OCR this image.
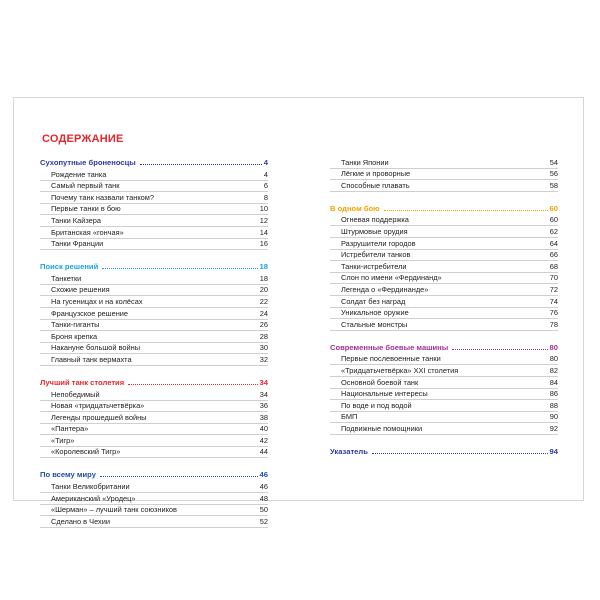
СОДЕРЖАНИЕ
Сухопутные броненосцы	4
Рождение танка	4
Самый первый танк	6
Почему танк назвали танком?	8
Первые танки в бою	10
Танки Кайзера	12
Британская «гончая»	14
Танки Франции	16
Поиск решений	18
Танкетки	18
Схожие решения	20
На гусеницах и на колёсах	22
Французское решение	24
Танки-гиганты	26
Броня крепка	28
Накануне большой войны	30
Главный танк вермахта	32
Лучший танк столетия	34
Непобедимый	34
Новая «тридцатьчетвёрка»	36
Легенды прошедшей войны	38
«Пантера»	40
«Тигр»	42
«Королевский Тигр»	44
По всему миру	46
Танки Великобритании	46
Американский «Уродец»	48
«Шерман» – лучший танк союзников	50
Сделано в Чехии	52
Танки Японии	54
Лёгкие и проворные	56
Способные плавать	58
В одном бою	60
Огневая поддержка	60
Штурмовые орудия	62
Разрушители городов	64
Истребители танков	66
Танки-истребители	68
Слон по имени «Фердинанд»	70
Легенда о «Фердинанде»	72
Солдат без наград	74
Уникальное оружие	76
Стальные монстры	78
Современные боевые машины	80
Первые послевоенные танки	80
«Тридцатьчетвёрка» XXI столетия	82
Основной боевой танк	84
Национальные интересы	86
По воде и под водой	88
БМП	90
Подвижные помощники	92
Указатель	94
